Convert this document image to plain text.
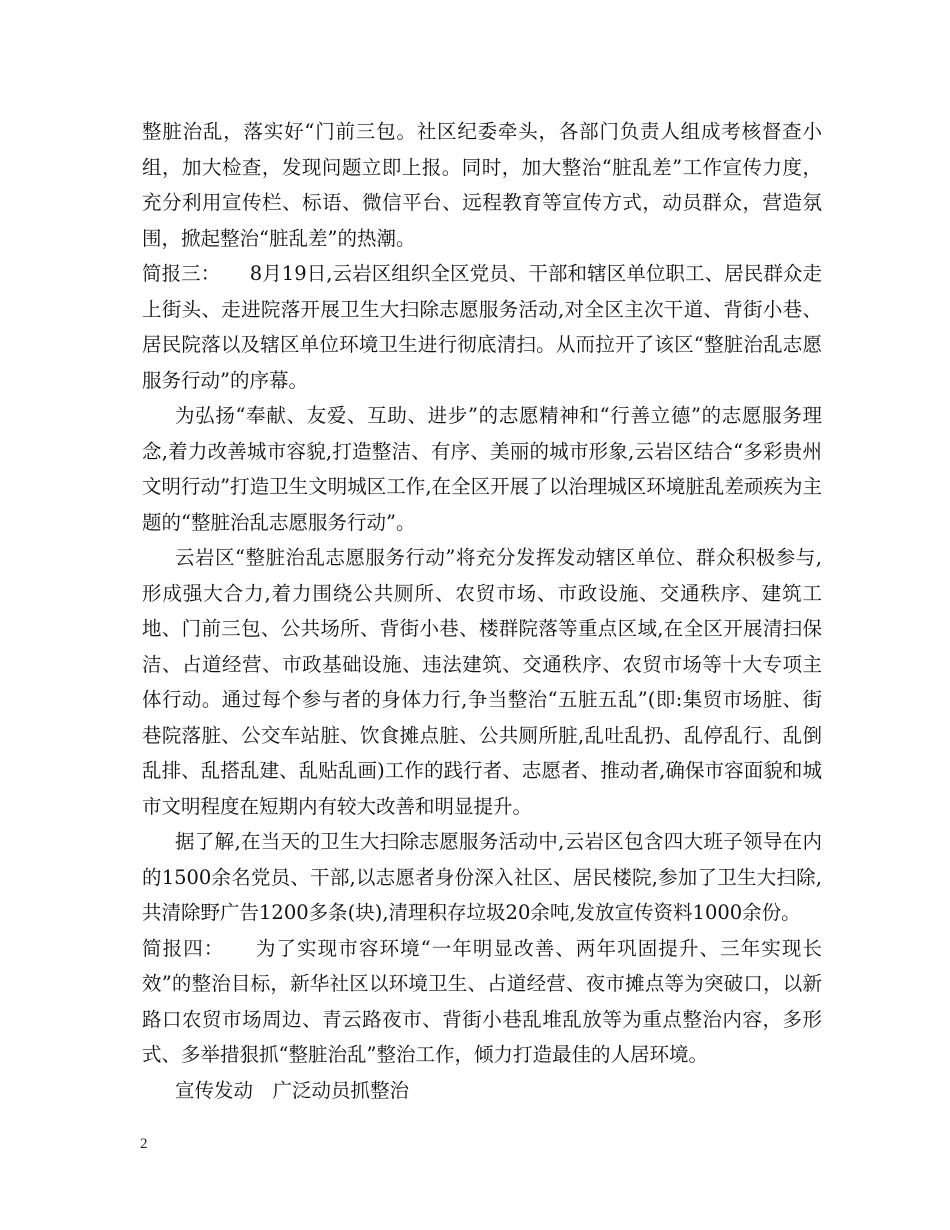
整脏治乱，落实好“门前三包。社区纪委牵头，各部门负责人组成考核督查小组，加大检查，发现问题立即上报。同时，加大整治“脏乱差”工作宣传力度，充分利用宣传栏、标语、微信平台、远程教育等宣传方式，动员群众，营造氛围，掀起整治“脏乱差”的热潮。

简报三：　　8月19日,云岩区组织全区党员、干部和辖区单位职工、居民群众走上街头、走进院落开展卫生大扫除志愿服务活动,对全区主次干道、背街小巷、居民院落以及辖区单位环境卫生进行彻底清扫。从而拉开了该区“整脏治乱志愿服务行动”的序幕。

为弘扬“奉献、友爱、互助、进步”的志愿精神和“行善立德”的志愿服务理念,着力改善城市容貌,打造整洁、有序、美丽的城市形象,云岩区结合“多彩贵州文明行动”打造卫生文明城区工作,在全区开展了以治理城区环境脏乱差顽疾为主题的“整脏治乱志愿服务行动”。

云岩区“整脏治乱志愿服务行动”将充分发挥发动辖区单位、群众积极参与,形成强大合力,着力围绕公共厕所、农贸市场、市政设施、交通秩序、建筑工地、门前三包、公共场所、背街小巷、楼群院落等重点区域,在全区开展清扫保洁、占道经营、市政基础设施、违法建筑、交通秩序、农贸市场等十大专项主体行动。通过每个参与者的身体力行,争当整治“五脏五乱”(即:集贸市场脏、街巷院落脏、公交车站脏、饮食摊点脏、公共厕所脏,乱吐乱扔、乱停乱行、乱倒乱排、乱搭乱建、乱贴乱画)工作的践行者、志愿者、推动者,确保市容面貌和城市文明程度在短期内有较大改善和明显提升。

据了解,在当天的卫生大扫除志愿服务活动中,云岩区包含四大班子领导在内的1500余名党员、干部,以志愿者身份深入社区、居民楼院,参加了卫生大扫除,共清除野广告1200多条(块),清理积存垃圾20余吨,发放宣传资料1000余份。

简报四：　　为了实现市容环境“一年明显改善、两年巩固提升、三年实现长效”的整治目标，新华社区以环境卫生、占道经营、夜市摊点等为突破口，以新路口农贸市场周边、青云路夜市、背街小巷乱堆乱放等为重点整治内容，多形式、多举措狠抓“整脏治乱”整治工作，倾力打造最佳的人居环境。

宣传发动　广泛动员抓整治

2
